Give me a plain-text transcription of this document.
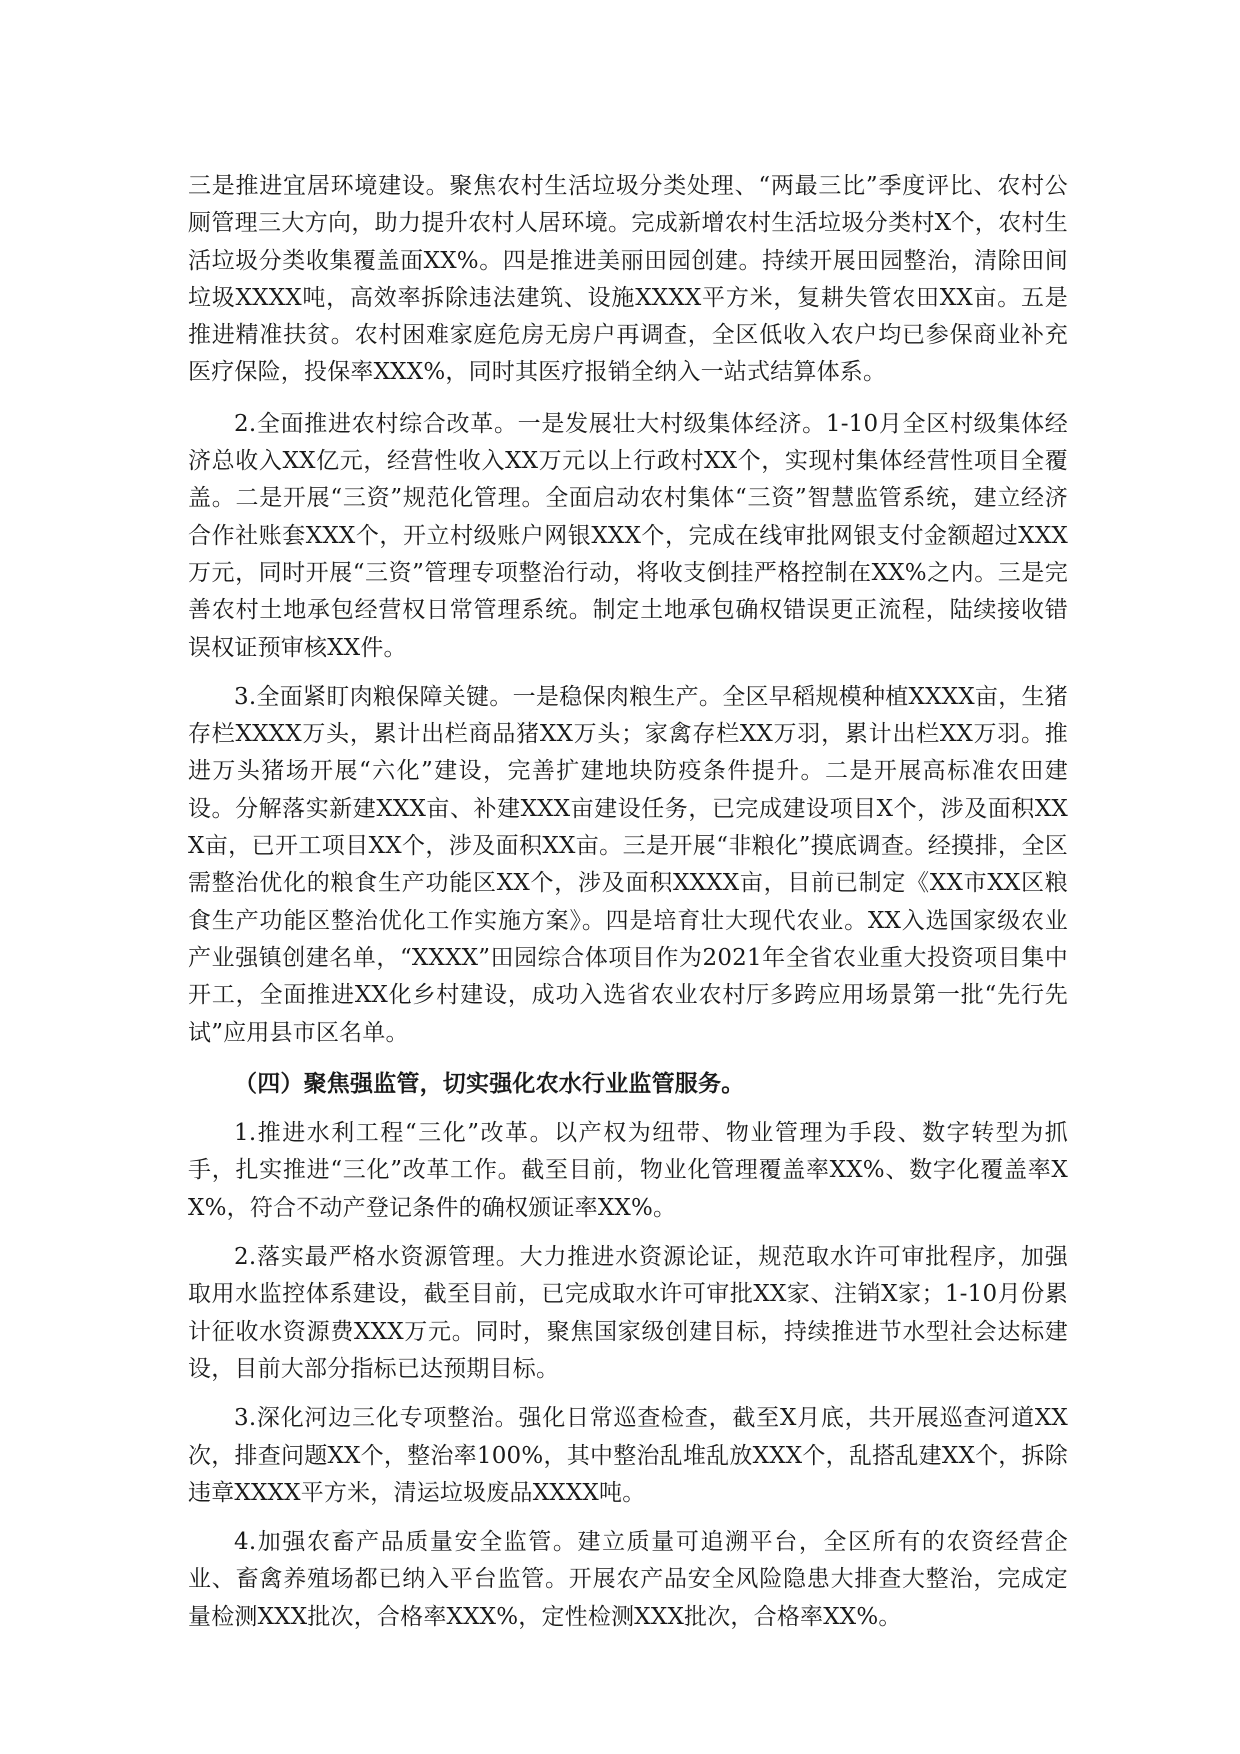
三是推进宜居环境建设。聚焦农村生活垃圾分类处理、“两最三比”季度评比、农村公厕管理三大方向，助力提升农村人居环境。完成新增农村生活垃圾分类村X个，农村生活垃圾分类收集覆盖面XX%。四是推进美丽田园创建。持续开展田园整治，清除田间垃圾XXXX吨，高效率拆除违法建筑、设施XXXX平方米，复耕失管农田XX亩。五是推进精准扶贫。农村困难家庭危房无房户再调查，全区低收入农户均已参保商业补充医疗保险，投保率XXX%，同时其医疗报销全纳入一站式结算体系。

2.全面推进农村综合改革。一是发展壮大村级集体经济。1-10月全区村级集体经济总收入XX亿元，经营性收入XX万元以上行政村XX个，实现村集体经营性项目全覆盖。二是开展“三资”规范化管理。全面启动农村集体“三资”智慧监管系统，建立经济合作社账套XXX个，开立村级账户网银XXX个，完成在线审批网银支付金额超过XXX万元，同时开展“三资”管理专项整治行动，将收支倒挂严格控制在XX%之内。三是完善农村土地承包经营权日常管理系统。制定土地承包确权错误更正流程，陆续接收错误权证预审核XX件。

3.全面紧盯肉粮保障关键。一是稳保肉粮生产。全区早稻规模种植XXXX亩，生猪存栏XXXX万头，累计出栏商品猪XX万头；家禽存栏XX万羽，累计出栏XX万羽。推进万头猪场开展“六化”建设，完善扩建地块防疫条件提升。二是开展高标准农田建设。分解落实新建XXX亩、补建XXX亩建设任务，已完成建设项目X个，涉及面积XXX亩，已开工项目XX个，涉及面积XX亩。三是开展“非粮化”摸底调查。经摸排，全区需整治优化的粮食生产功能区XX个，涉及面积XXXX亩，目前已制定《XX市XX区粮食生产功能区整治优化工作实施方案》。四是培育壮大现代农业。XX入选国家级农业产业强镇创建名单，“XXXX”田园综合体项目作为2021年全省农业重大投资项目集中开工，全面推进XX化乡村建设，成功入选省农业农村厅多跨应用场景第一批“先行先试”应用县市区名单。

（四）聚焦强监管，切实强化农水行业监管服务。

1.推进水利工程“三化”改革。以产权为纽带、物业管理为手段、数字转型为抓手，扎实推进“三化”改革工作。截至目前，物业化管理覆盖率XX%、数字化覆盖率XX%，符合不动产登记条件的确权颁证率XX%。

2.落实最严格水资源管理。大力推进水资源论证，规范取水许可审批程序，加强取用水监控体系建设，截至目前，已完成取水许可审批XX家、注销X家；1-10月份累计征收水资源费XXX万元。同时，聚焦国家级创建目标，持续推进节水型社会达标建设，目前大部分指标已达预期目标。

3.深化河边三化专项整治。强化日常巡查检查，截至X月底，共开展巡查河道XX次，排查问题XX个，整治率100%，其中整治乱堆乱放XXX个，乱搭乱建XX个，拆除违章XXXX平方米，清运垃圾废品XXXX吨。

4.加强农畜产品质量安全监管。建立质量可追溯平台，全区所有的农资经营企业、畜禽养殖场都已纳入平台监管。开展农产品安全风险隐患大排查大整治，完成定量检测XXX批次，合格率XXX%，定性检测XXX批次，合格率XX%。
